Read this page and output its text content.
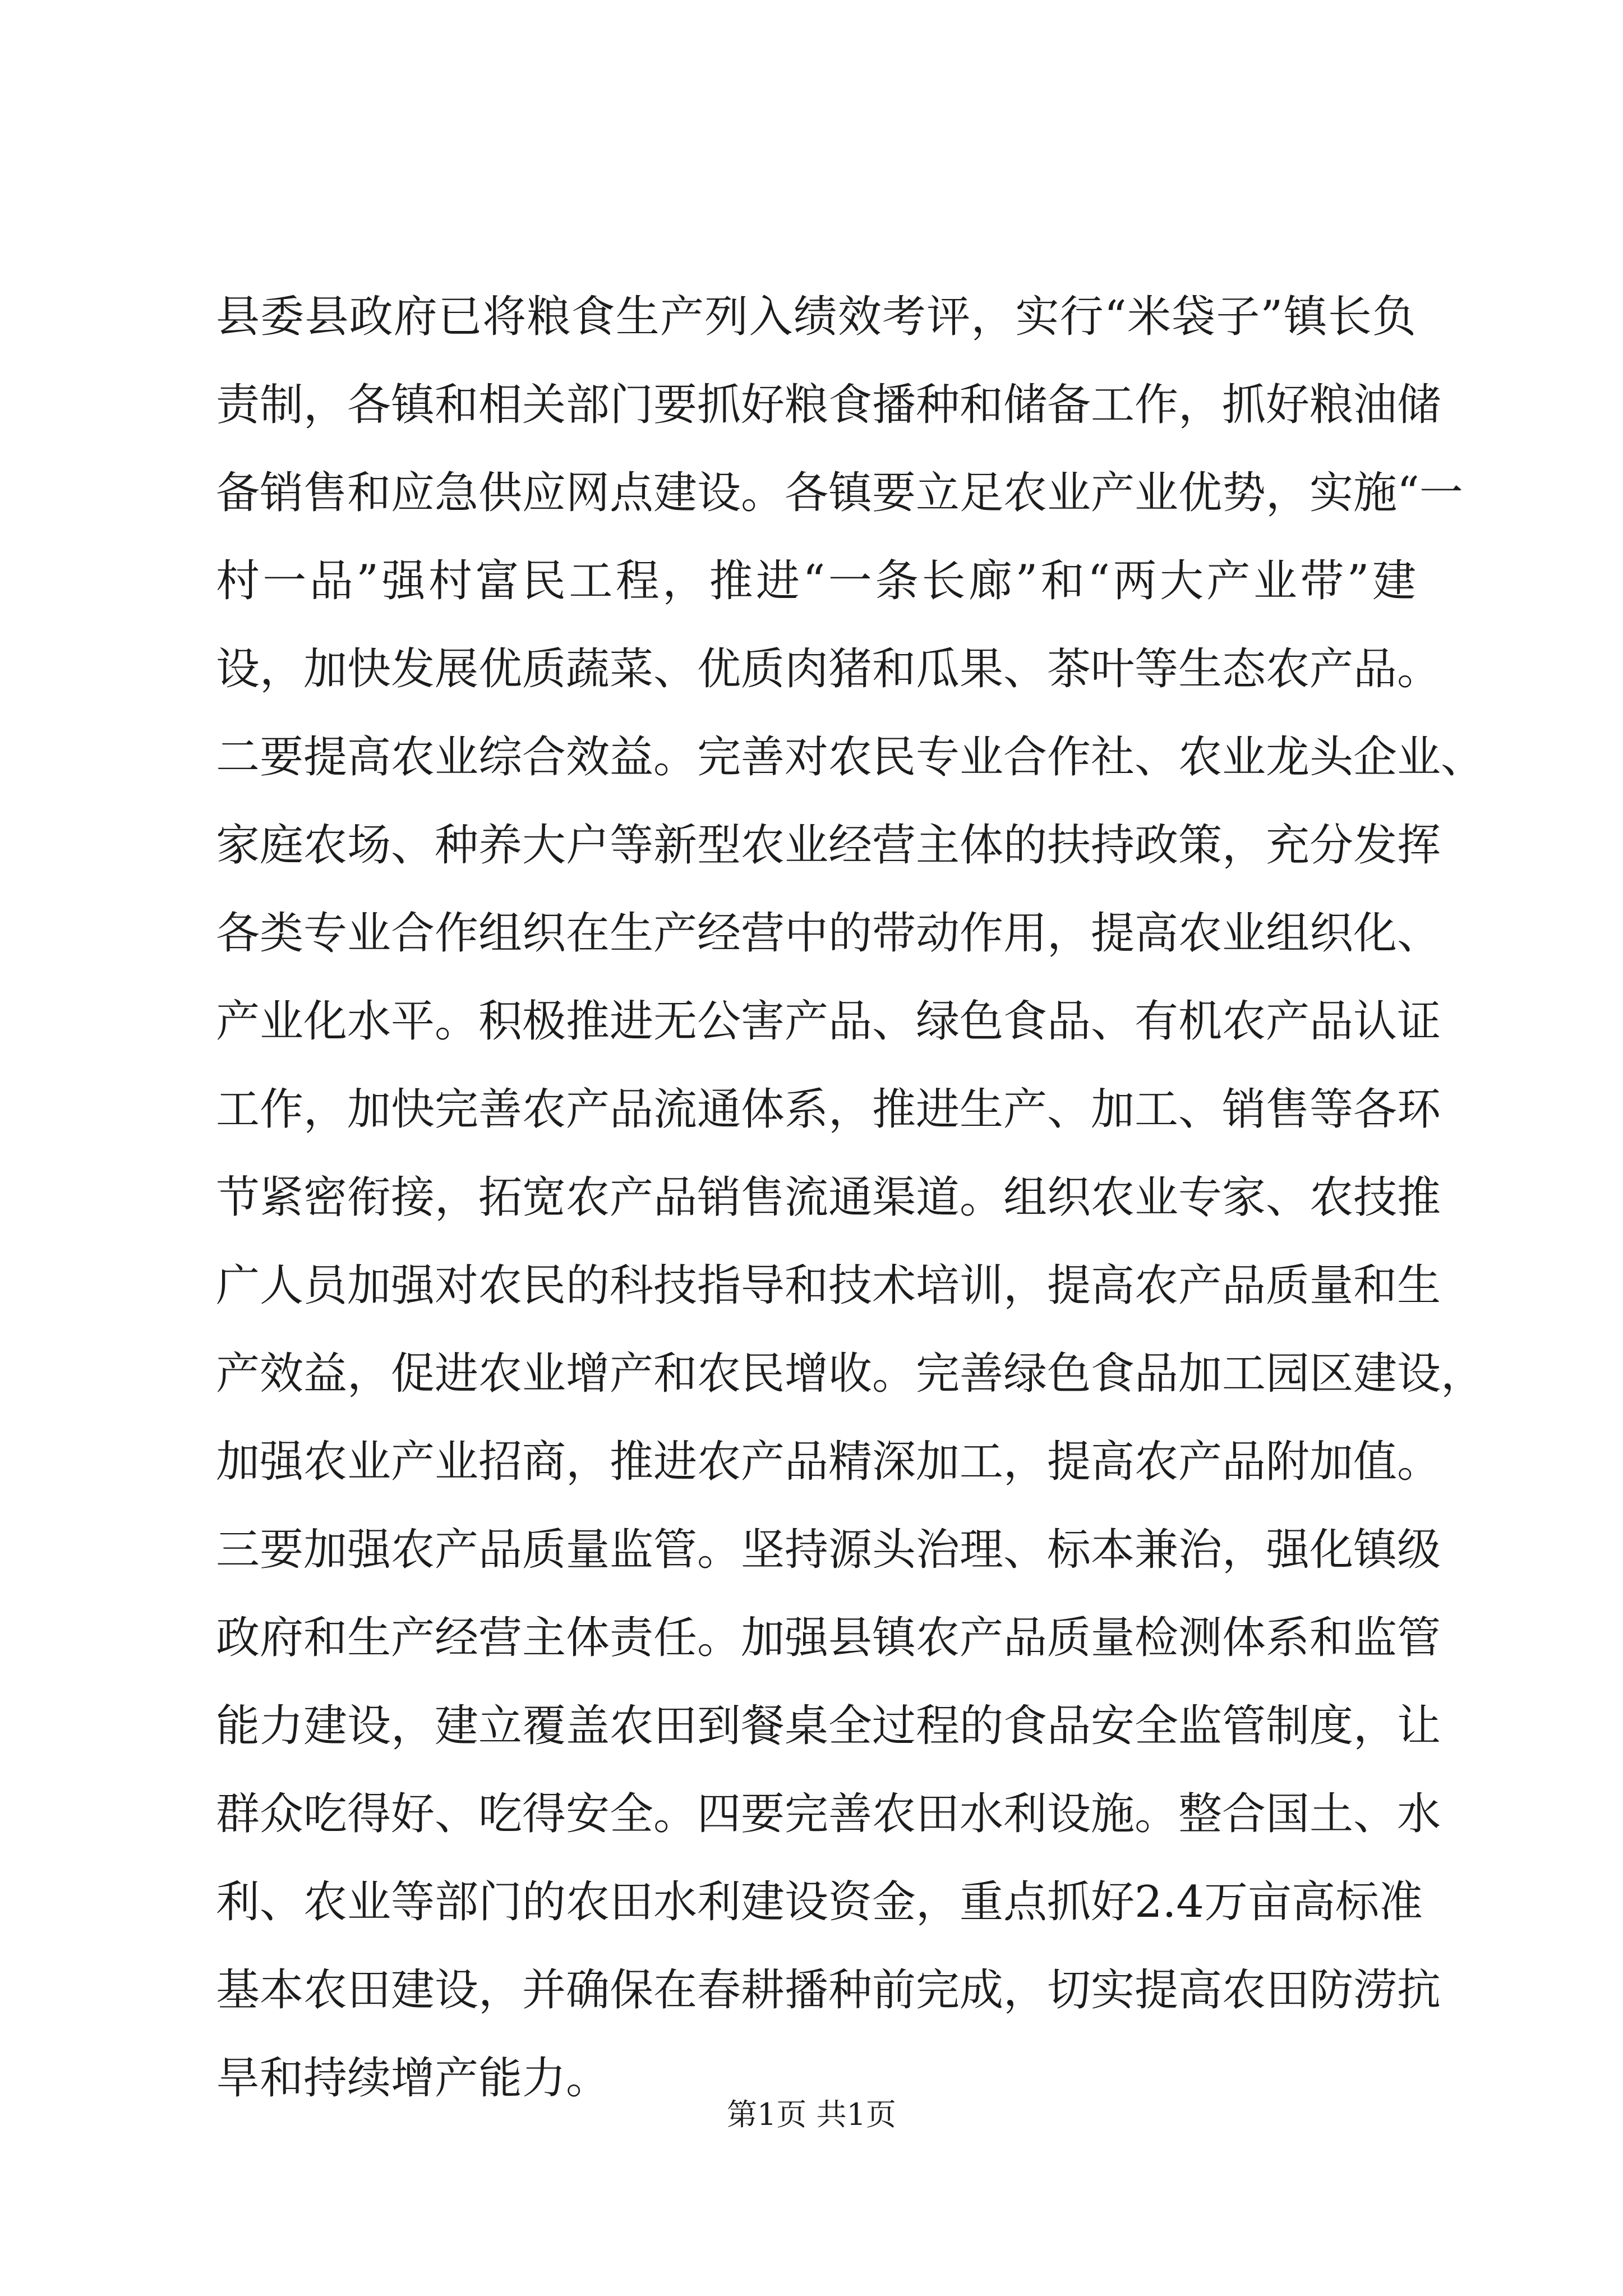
县委县政府已将粮食生产列入绩效考评，实行“米袋子”镇长负
责制，各镇和相关部门要抓好粮食播种和储备工作，抓好粮油储
备销售和应急供应网点建设。各镇要立足农业产业优势，实施“一
村一品”强村富民工程，推进“一条长廊”和“两大产业带”建
设，加快发展优质蔬菜、优质肉猪和瓜果、茶叶等生态农产品。
二要提高农业综合效益。完善对农民专业合作社、农业龙头企业、
家庭农场、种养大户等新型农业经营主体的扶持政策，充分发挥
各类专业合作组织在生产经营中的带动作用，提高农业组织化、
产业化水平。积极推进无公害产品、绿色食品、有机农产品认证
工作，加快完善农产品流通体系，推进生产、加工、销售等各环
节紧密衔接，拓宽农产品销售流通渠道。组织农业专家、农技推
广人员加强对农民的科技指导和技术培训，提高农产品质量和生
产效益，促进农业增产和农民增收。完善绿色食品加工园区建设，
加强农业产业招商，推进农产品精深加工，提高农产品附加值。
三要加强农产品质量监管。坚持源头治理、标本兼治，强化镇级
政府和生产经营主体责任。加强县镇农产品质量检测体系和监管
能力建设，建立覆盖农田到餐桌全过程的食品安全监管制度，让
群众吃得好、吃得安全。四要完善农田水利设施。整合国土、水
利、农业等部门的农田水利建设资金，重点抓好2.4万亩高标准
基本农田建设，并确保在春耕播种前完成，切实提高农田防涝抗
旱和持续增产能力。
第1页 共1页
